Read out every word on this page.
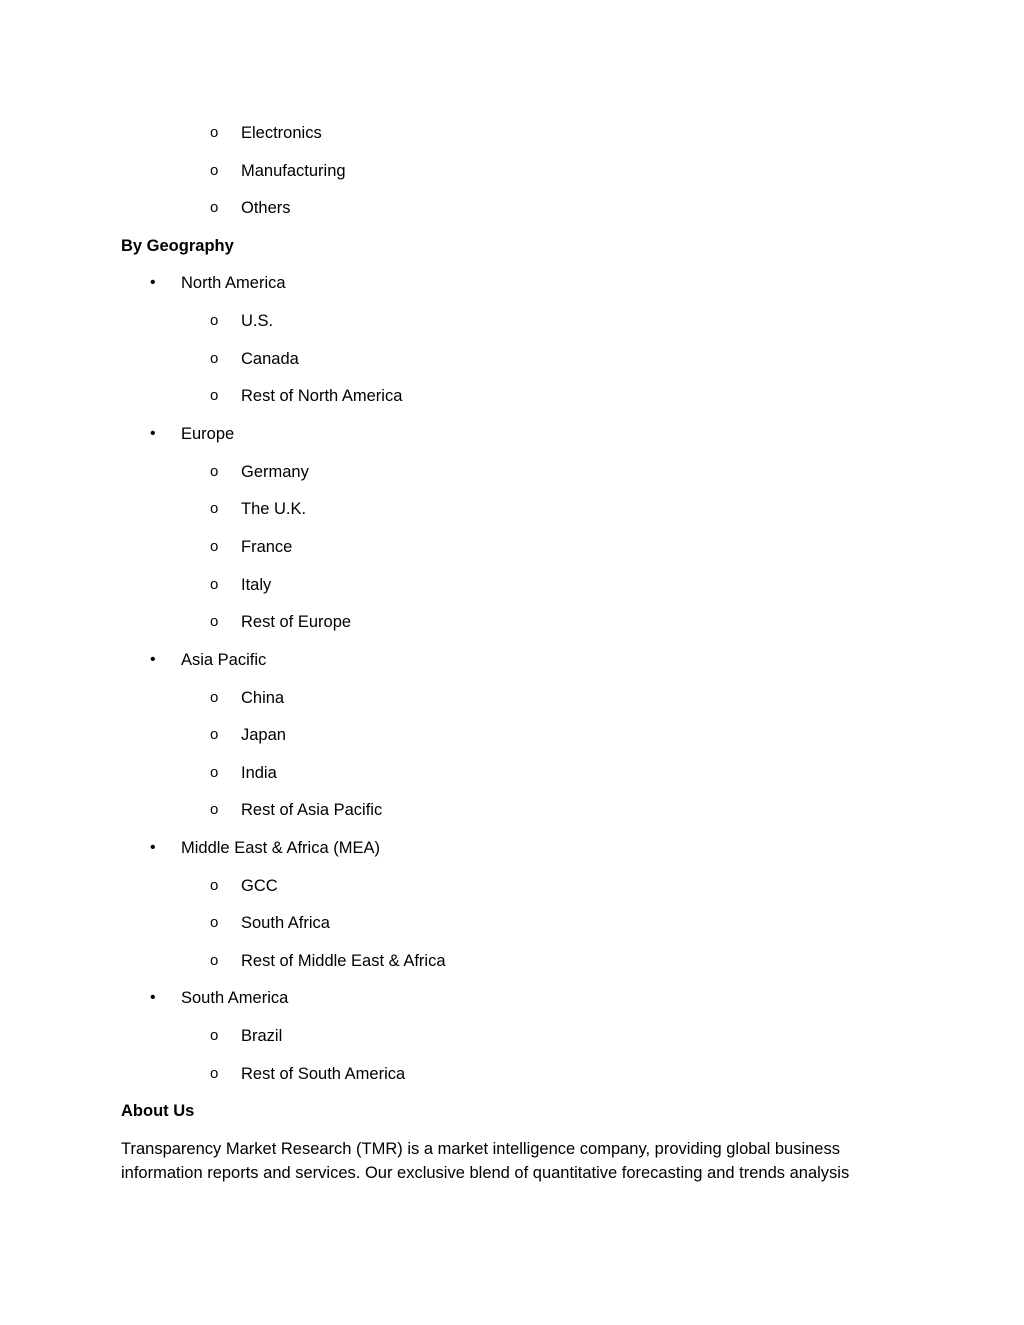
o Electronics
o Manufacturing
o Others
By Geography
• North America
o U.S.
o Canada
o Rest of North America
• Europe
o Germany
o The U.K.
o France
o Italy
o Rest of Europe
• Asia Pacific
o China
o Japan
o India
o Rest of Asia Pacific
• Middle East & Africa (MEA)
o GCC
o South Africa
o Rest of Middle East & Africa
• South America
o Brazil
o Rest of South America
About Us
Transparency Market Research (TMR) is a market intelligence company, providing global business
information reports and services. Our exclusive blend of quantitative forecasting and trends analysis
